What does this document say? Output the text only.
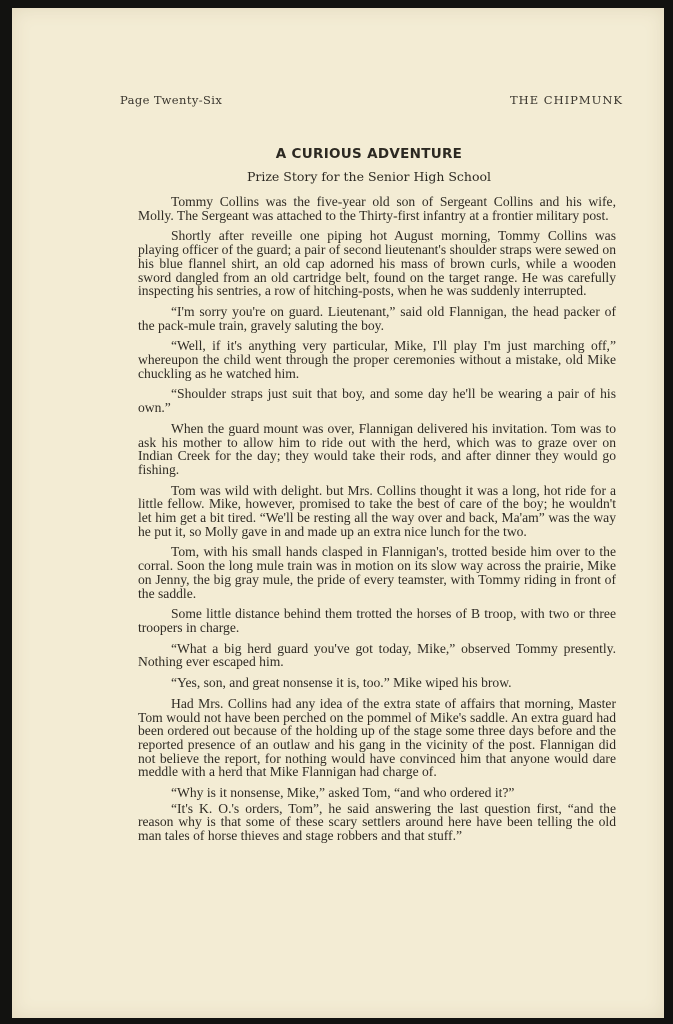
Page Twenty-Six	THE CHIPMUNK
A CURIOUS ADVENTURE
Prize Story for the Senior High School

Tommy Collins was the five-year old son of Sergeant Collins and his wife, Molly. The Sergeant was attached to the Thirty-first infantry at a frontier military post.

Shortly after reveille one piping hot August morning, Tommy Collins was playing officer of the guard; a pair of second lieutenant's shoulder straps were sewed on his blue flannel shirt, an old cap adorned his mass of brown curls, while a wooden sword dangled from an old cartridge belt, found on the target range. He was carefully inspecting his sentries, a row of hitching-posts, when he was suddenly interrupted.

“I'm sorry you're on guard. Lieutenant,” said old Flannigan, the head packer of the pack-mule train, gravely saluting the boy.

“Well, if it's anything very particular, Mike, I'll play I'm just marching off,” whereupon the child went through the proper ceremonies without a mistake, old Mike chuckling as he watched him.

“Shoulder straps just suit that boy, and some day he'll be wearing a pair of his own.”

When the guard mount was over, Flannigan delivered his invitation. Tom was to ask his mother to allow him to ride out with the herd, which was to graze over on Indian Creek for the day; they would take their rods, and after dinner they would go fishing.

Tom was wild with delight. but Mrs. Collins thought it was a long, hot ride for a little fellow. Mike, however, promised to take the best of care of the boy; he wouldn't let him get a bit tired. “We'll be resting all the way over and back, Ma'am” was the way he put it, so Molly gave in and made up an extra nice lunch for the two.

Tom, with his small hands clasped in Flannigan's, trotted beside him over to the corral. Soon the long mule train was in motion on its slow way across the prairie, Mike on Jenny, the big gray mule, the pride of every teamster, with Tommy riding in front of the saddle.

Some little distance behind them trotted the horses of B troop, with two or three troopers in charge.

“What a big herd guard you've got today, Mike,” observed Tommy presently. Nothing ever escaped him.

“Yes, son, and great nonsense it is, too.” Mike wiped his brow.

Had Mrs. Collins had any idea of the extra state of affairs that morning, Master Tom would not have been perched on the pommel of Mike's saddle. An extra guard had been ordered out because of the holding up of the stage some three days before and the reported presence of an outlaw and his gang in the vicinity of the post. Flannigan did not believe the report, for nothing would have convinced him that anyone would dare meddle with a herd that Mike Flannigan had charge of.

“Why is it nonsense, Mike,” asked Tom, “and who ordered it?”

“It's K. O.'s orders, Tom”, he said answering the last question first, “and the reason why is that some of these scary settlers around here have been telling the old man tales of horse thieves and stage robbers and that stuff.”
